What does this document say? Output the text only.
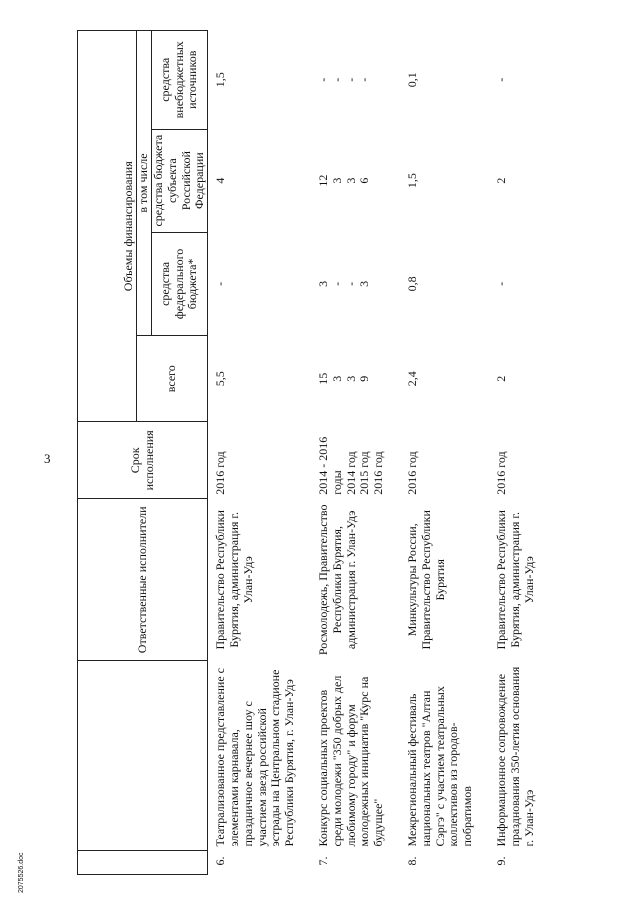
3
2075526.doc
		Ответственные исполнители	Срок исполнения	Объемы финансирования			
				всего	в том числе		
					средства федерального бюджета*	средства бюджета субъекта Российской Федерации	средства внебюджетных источников
6.	Театрализованное представление с элементами карнавала, праздничное вечернее шоу с участием звезд российской эстрады на Центральном стадионе Республики Бурятия, г. Улан-Удэ	Правительство Республики Бурятия, администрация г. Улан-Удэ	2016 год	5,5	-	4	1,5

7.	Конкурс социальных проектов среди молодежи "350 добрых дел любимому городу" и форум молодежных инициатив "Курс на будущее"	Росмолодежь, Правительство Республики Бурятия, администрация г. Улан-Удэ	2014 - 2016 годы 2014 год 2015 год 2016 год	15 3 3 9	3 - - 3	12 3 3 6	- - - -

8.	Межрегиональный фестиваль национальных театров "Алтан Сэргэ" с участием театральных коллективов из городов-побратимов	Минкультуры России, Правительство Республики Бурятия	2016 год	2,4	0,8	1,5	0,1

9.	Информационное сопровождение празднования 350-летия основания г. Улан-Удэ	Правительство Республики Бурятия, администрация г. Улан-Удэ	2016 год	2	-	2	-
